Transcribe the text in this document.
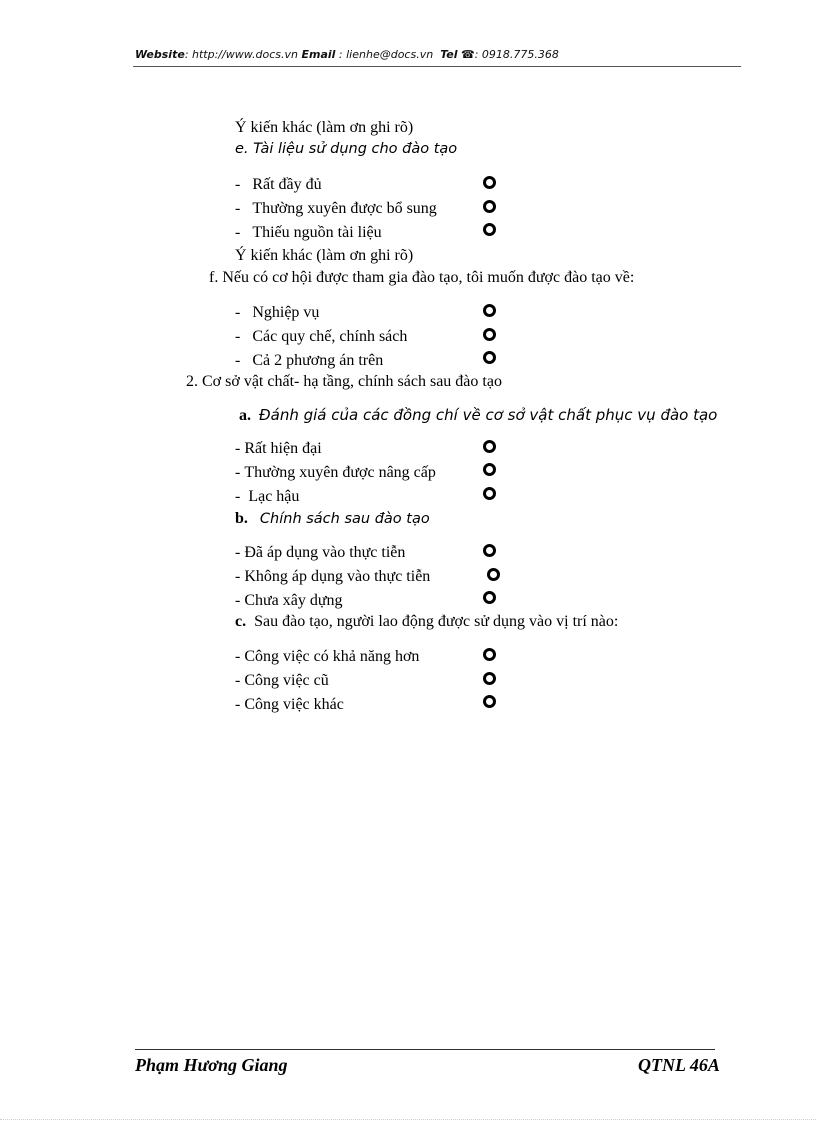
Website: http://www.docs.vn Email : lienhe@docs.vn Tel ☎: 0918.775.368
Ý kiến khác (làm ơn ghi rõ)
e. Tài liệu sử dụng cho đào tạo
-   Rất đầy đủ
-   Thường xuyên được bổ sung
-   Thiếu nguồn tài liệu
Ý kiến khác (làm ơn ghi rõ)
f. Nếu có cơ hội được tham gia đào tạo, tôi muốn được đào tạo về:
-   Nghiệp vụ
-   Các quy chế, chính sách
-   Cả 2 phương án trên
2. Cơ sở vật chất- hạ tầng, chính sách sau đào tạo
a. Đánh giá của các đồng chí về cơ sở vật chất phục vụ đào tạo
- Rất hiện đại
- Thường xuyên được nâng cấp
-  Lạc hậu
b. Chính sách sau đào tạo
- Đã áp dụng vào thực tiễn
- Không áp dụng vào thực tiễn
- Chưa xây dựng
c. Sau đào tạo, người lao động được sử dụng vào vị trí nào:
- Công việc có khả năng hơn
- Công việc cũ
- Công việc khác
Phạm Hương Giang	QTNL 46A
